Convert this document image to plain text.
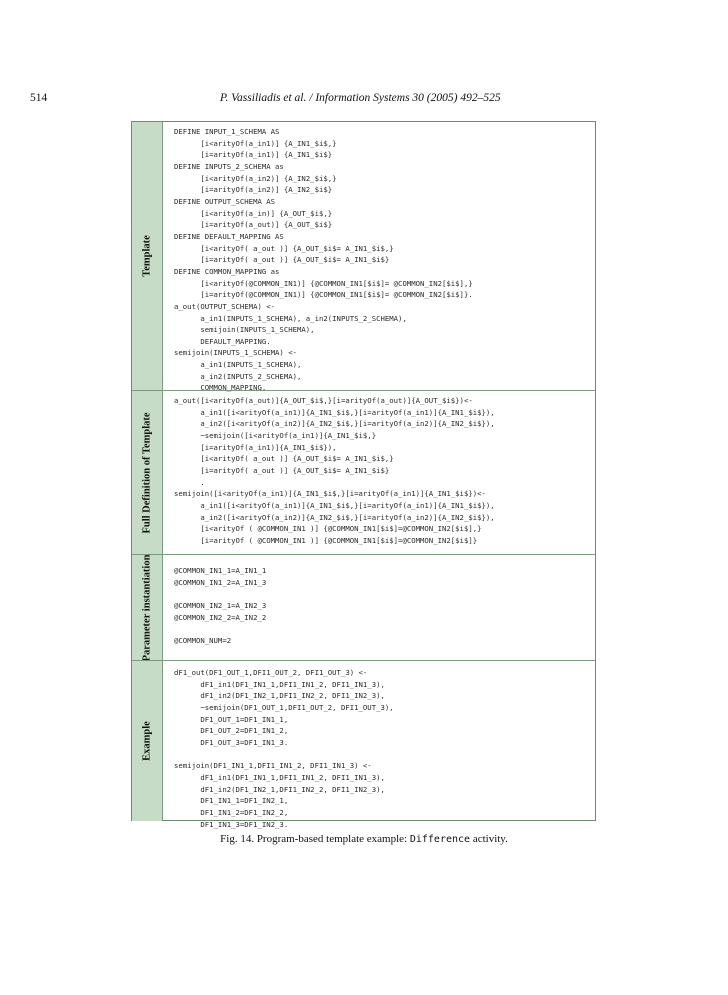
514	P. Vassiliadis et al. / Information Systems 30 (2005) 492–525
Template
DEFINE INPUT_1_SCHEMA AS
[i<arityOf(a_in1)] {A_IN1_$i$,}
[i=arityOf(a_in1)] {A_IN1_$i$}
DEFINE INPUTS_2_SCHEMA as
[i<arityOf(a_in2)] {A_IN2_$i$,}
[i=arityOf(a_in2)] {A_IN2_$i$}
DEFINE OUTPUT_SCHEMA AS
[i<arityOf(a_in)] {A_OUT_$i$,}
[i=arityOf(a_out)] {A_OUT_$i$}
DEFINE DEFAULT_MAPPING AS
[i<arityOf( a_out )] {A_OUT_$i$= A_IN1_$i$,}
[i=arityOf( a_out )] {A_OUT_$i$= A_IN1_$i$}
DEFINE COMMON_MAPPING as
[i<arityOf(@COMMON_IN1)] {@COMMON_IN1[$i$]= @COMMON_IN2[$i$],}
[i=arityOf(@COMMON_IN1)] {@COMMON_IN1[$i$]= @COMMON_IN2[$i$]}.
a_out(OUTPUT_SCHEMA) <-
a_in1(INPUTS_1_SCHEMA), a_in2(INPUTS_2_SCHEMA),
semijoin(INPUTS_1_SCHEMA),
DEFAULT_MAPPING.
semijoin(INPUTS_1_SCHEMA) <-
a_in1(INPUTS_1_SCHEMA),
a_in2(INPUTS_2_SCHEMA),
COMMON_MAPPING.
Full Definition of Template
a_out([i<arityOf(a_out)]{A_OUT_$i$,}[i=arityOf(a_out)]{A_OUT_$i$})<-
a_in1([i<arityOf(a_in1)]{A_IN1_$i$,}[i=arityOf(a_in1)]{A_IN1_$i$}),
a_in2([i<arityOf(a_in2)]{A_IN2_$i$,}[i=arityOf(a_in2)]{A_IN2_$i$}),
~semijoin([i<arityOf(a_in1)]{A_IN1_$i$,}
[i=arityOf(a_in1)]{A_IN1_$i$}),
[i<arityOf( a_out )] {A_OUT_$i$= A_IN1_$i$,}
[i=arityOf( a_out )] {A_OUT_$i$= A_IN1_$i$}
.
semijoin([i<arityOf(a_in1)]{A_IN1_$i$,}[i=arityOf(a_in1)]{A_IN1_$i$})<-
a_in1([i<arityOf(a_in1)]{A_IN1_$i$,}[i=arityOf(a_in1)]{A_IN1_$i$}),
a_in2([i<arityOf(a_in2)]{A_IN2_$i$,}[i=arityOf(a_in2)]{A_IN2_$i$}),
[i<arityOf ( @COMMON_IN1 )] {@COMMON_IN1[$i$]=@COMMON_IN2[$i$],}
[i=arityOf ( @COMMON_IN1 )] {@COMMON_IN1[$i$]=@COMMON_IN2[$i$]}
.
Parameter instantiation	@COMMON_IN1_1=A_IN1_1
@COMMON_IN1_2=A_IN1_3

@COMMON_IN2_1=A_IN2_3
@COMMON_IN2_2=A_IN2_2

@COMMON_NUM=2
Example
dF1_out(DF1_OUT_1,DFI1_OUT_2, DFI1_OUT_3) <-
dF1_in1(DF1_IN1_1,DFI1_IN1_2, DFI1_IN1_3),
dF1_in2(DF1_IN2_1,DFI1_IN2_2, DFI1_IN2_3),
~semijoin(DF1_OUT_1,DFI1_OUT_2, DFI1_OUT_3),
DF1_OUT_1=DF1_IN1_1,
DF1_OUT_2=DF1_IN1_2,
DF1_OUT_3=DF1_IN1_3.

semijoin(DF1_IN1_1,DFI1_IN1_2, DFI1_IN1_3) <-
dF1_in1(DF1_IN1_1,DFI1_IN1_2, DFI1_IN1_3),
dF1_in2(DF1_IN2_1,DFI1_IN2_2, DFI1_IN2_3),
DF1_IN1_1=DF1_IN2_1,
DF1_IN1_2=DF1_IN2_2,
DF1_IN1_3=DF1_IN2_3.
Fig. 14. Program-based template example: Difference activity.
